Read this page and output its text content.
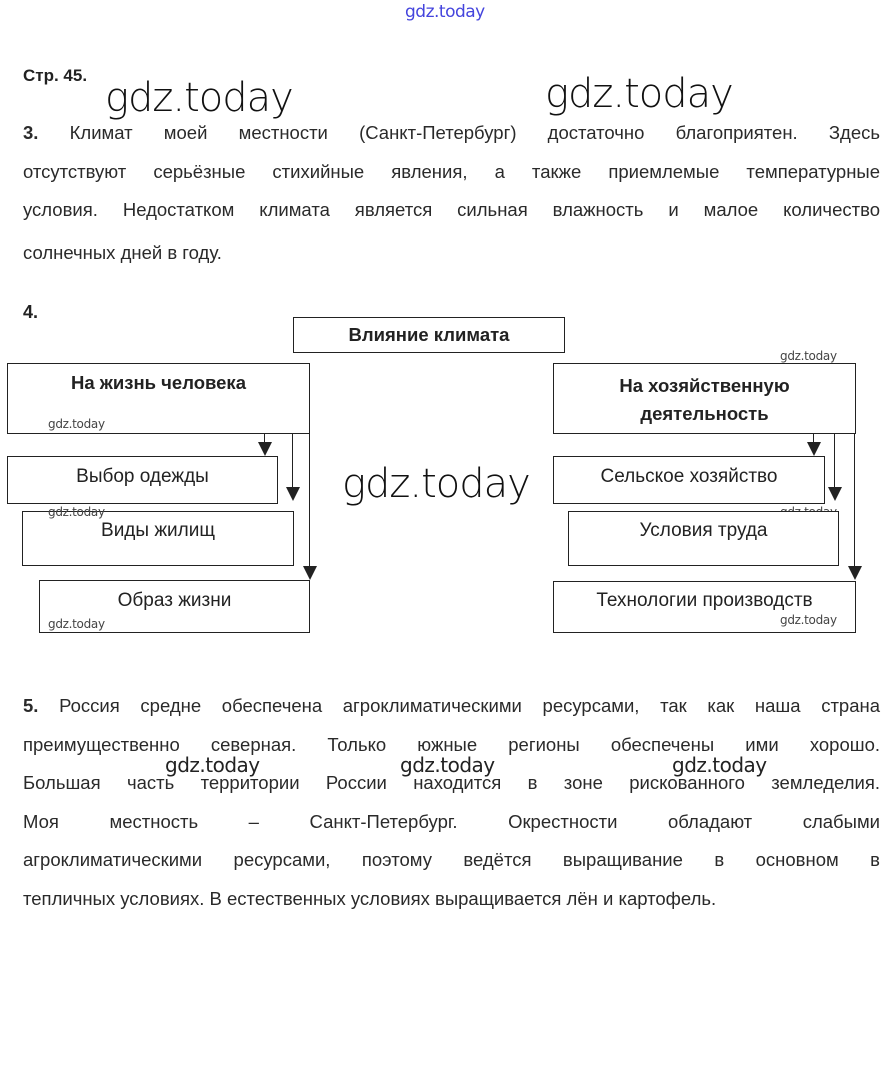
gdz.today
gdz.today	gdz.today
Стр. 45.
3. Климат моей местности (Санкт-Петербург) достаточно благоприятен. Здесь
отсутствуют серьёзные стихийные явления, а также приемлемые температурные
условия. Недостатком климата является сильная влажность и малое количество
солнечных дней в году.
4.
Влияние климата
На жизнь человека
gdz.today
Выбор одежды
Виды жилищ
gdz.today
Образ жизни
gdz.today
gdz.today
gdz.today
На хозяйственную
деятельность
Сельское хозяйство
Условия труда
Технологии производств
gdz.today
5. Россия средне обеспечена агроклиматическими ресурсами, так как наша страна
преимущественно северная. Только южные регионы обеспечены ими хорошо.
Большая часть территории России находится в зоне рискованного земледелия.
Моя местность – Санкт-Петербург. Окрестности обладают слабыми
агроклиматическими ресурсами, поэтому ведётся выращивание в основном в
тепличных условиях. В естественных условиях выращивается лён и картофель.
gdz.today	gdz.today	gdz.today
